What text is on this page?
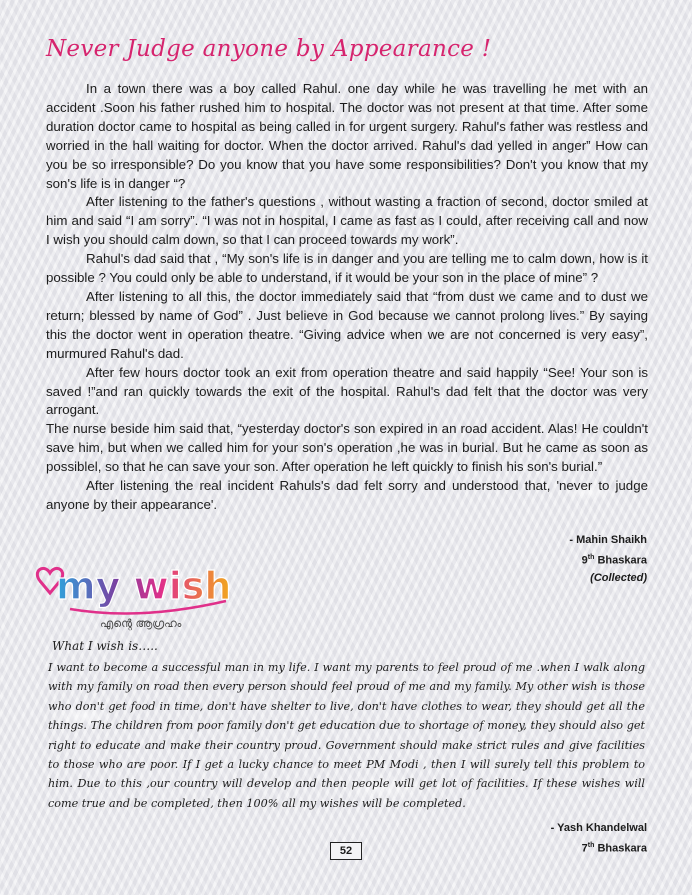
Never Judge anyone by Appearance !

In a town there was a boy called Rahul. one day while he was travelling he met with an accident .Soon his father rushed him to hospital. The doctor was not present at that time. After some duration doctor came to hospital as being called in for urgent surgery. Rahul's father was restless and worried in the hall waiting for doctor. When the doctor arrived. Rahul's dad yelled in anger” How can you be so irresponsible? Do you know that you have some responsibilities? Don't you know that my son's life is in danger “?

After listening to the father's questions , without wasting a fraction of second, doctor smiled at him and said “I am sorry”. “I was not in hospital, I came as fast as I could, after receiving call and now I wish you should calm down, so that I can proceed towards my work”.

Rahul's dad said that , “My son's life is in danger and you are telling me to calm down, how is it possible ? You could only be able to understand, if it would be your son in the place of mine” ?

After listening to all this, the doctor immediately said that “from dust we came and to dust we return; blessed by name of God” . Just believe in God because we cannot prolong lives.” By saying this the doctor went in operation theatre. “Giving advice when we are not concerned is very easy”, murmured Rahul's dad.

After few hours doctor took an exit from operation theatre and said happily “See! Your son is saved !”and ran quickly towards the exit of the hospital. Rahul's dad felt that the doctor was very arrogant.

The nurse beside him said that, “yesterday doctor's son expired in an road accident. Alas! He couldn't save him, but when we called him for your son's operation ,he was in burial. But he came as soon as possiblel, so that he can save your son. After operation he left quickly to finish his son's burial.”

After listening the real incident Rahuls's dad felt sorry and understood that, 'never to judge anyone by their appearance'.

- Mahin Shaikh
9th Bhaskara
(Collected)
my wish
എന്റെ ആഗ്രഹം

What I wish is…..

I want to become a successful man in my life. I want my parents to feel proud of me .when I walk along with my family on road then every person should feel proud of me and my family. My other wish is those who don't get food in time, don't have shelter to live, don't have clothes to wear, they should get all the things. The children from poor family don't get education due to shortage of money, they should also get right to educate and make their country proud. Government should make strict rules and give facilities to those who are poor. If I get a lucky chance to meet PM Modi , then I will surely tell this problem to him. Due to this ,our country will develop and then people will get lot of facilities. If these wishes will come true and be completed, then 100% all my wishes will be completed.

52
- Yash Khandelwal
7th Bhaskara
